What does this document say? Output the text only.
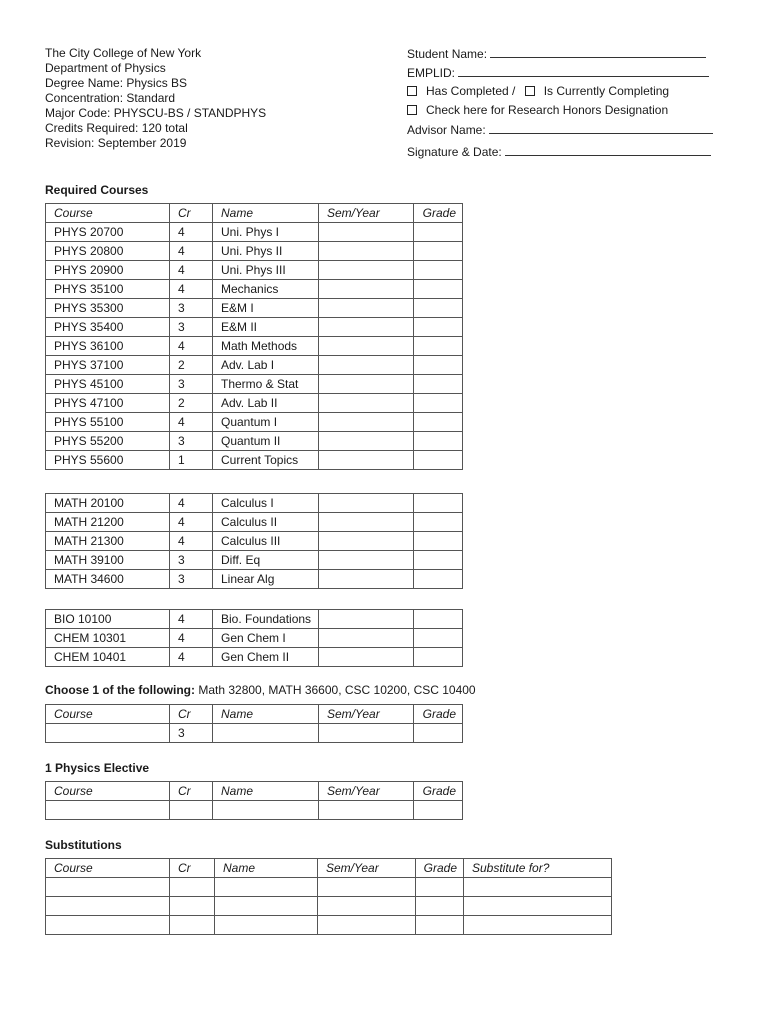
The City College of New York
Department of Physics
Degree Name: Physics BS
Concentration: Standard
Major Code: PHYSCU-BS / STANDPHYS
Credits Required: 120 total
Revision: September 2019
Student Name:
EMPLID:
Has Completed / Is Currently Completing
Check here for Research Honors Designation
Advisor Name:
Signature & Date:
Required Courses
Course	Cr	Name	Sem/Year	Grade
PHYS 20700	4	Uni. Phys I		
PHYS 20800	4	Uni. Phys II		
PHYS 20900	4	Uni. Phys III		
PHYS 35100	4	Mechanics		
PHYS 35300	3	E&M I		
PHYS 35400	3	E&M II		
PHYS 36100	4	Math Methods		
PHYS 37100	2	Adv. Lab I		
PHYS 45100	3	Thermo & Stat		
PHYS 47100	2	Adv. Lab II		
PHYS 55100	4	Quantum I		
PHYS 55200	3	Quantum II		
PHYS 55600	1	Current Topics		
MATH 20100	4	Calculus I		
MATH 21200	4	Calculus II		
MATH 21300	4	Calculus III		
MATH 39100	3	Diff. Eq		
MATH 34600	3	Linear Alg		
BIO 10100	4	Bio. Foundations		
CHEM 10301	4	Gen Chem I		
CHEM 10401	4	Gen Chem II		
Choose 1 of the following: Math 32800, MATH 36600, CSC 10200, CSC 10400
Course	Cr	Name	Sem/Year	Grade
	3			
1 Physics Elective
Course	Cr	Name	Sem/Year	Grade

Substitutions
Course	Cr	Name	Sem/Year	Grade	Substitute for?
